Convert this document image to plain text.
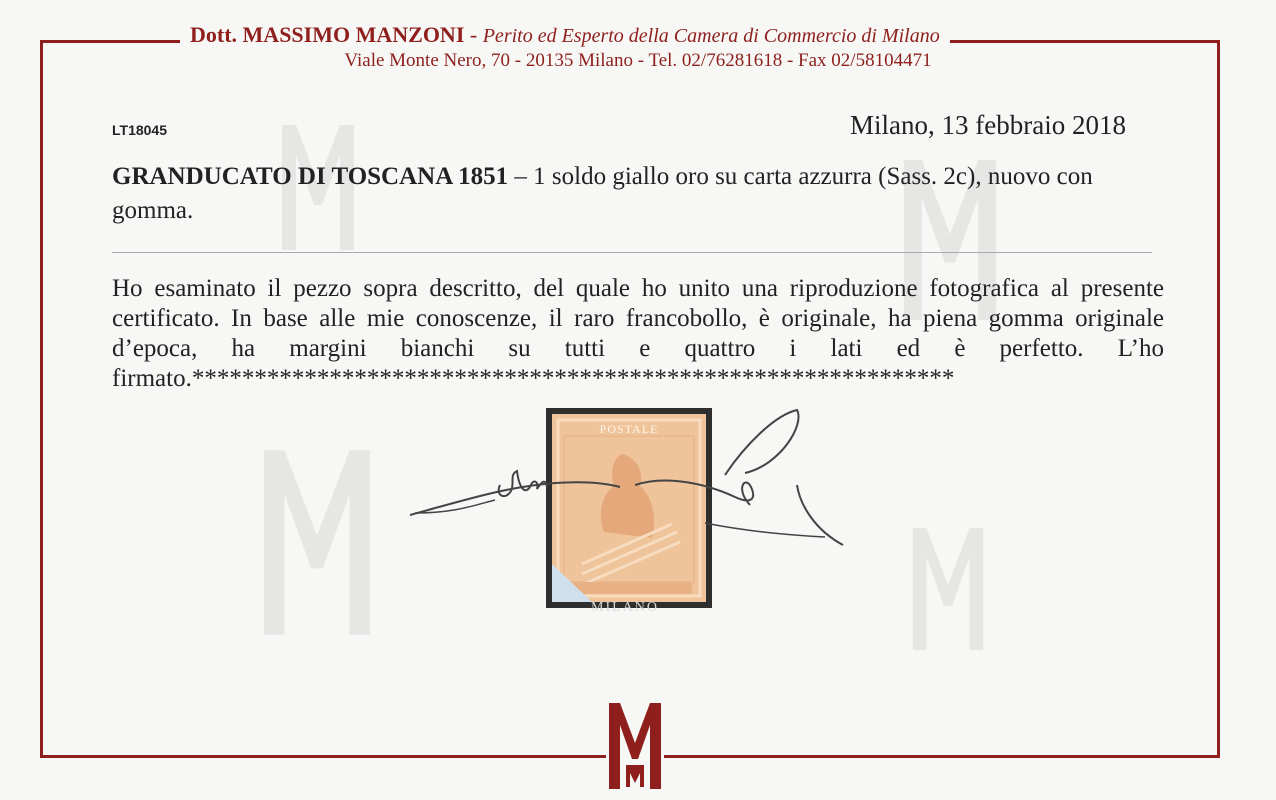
Dott. MASSIMO MANZONI - Perito ed Esperto della Camera di Commercio di Milano
Viale Monte Nero, 70 - 20135 Milano - Tel. 02/76281618 - Fax 02/58104471
LT18045	Milano, 13 febbraio 2018
GRANDUCATO DI TOSCANA 1851 – 1 soldo giallo oro su carta azzurra (Sass. 2c), nuovo con gomma.
Ho esaminato il pezzo sopra descritto, del quale ho unito una riproduzione fotografica al presente certificato. In base alle mie conoscenze, il raro francobollo, è originale, ha piena gomma originale d’epoca, ha margini bianchi su tutti e quattro i lati ed è perfetto. L’ho firmato.*************************************************************
POSTALE
MILANO
